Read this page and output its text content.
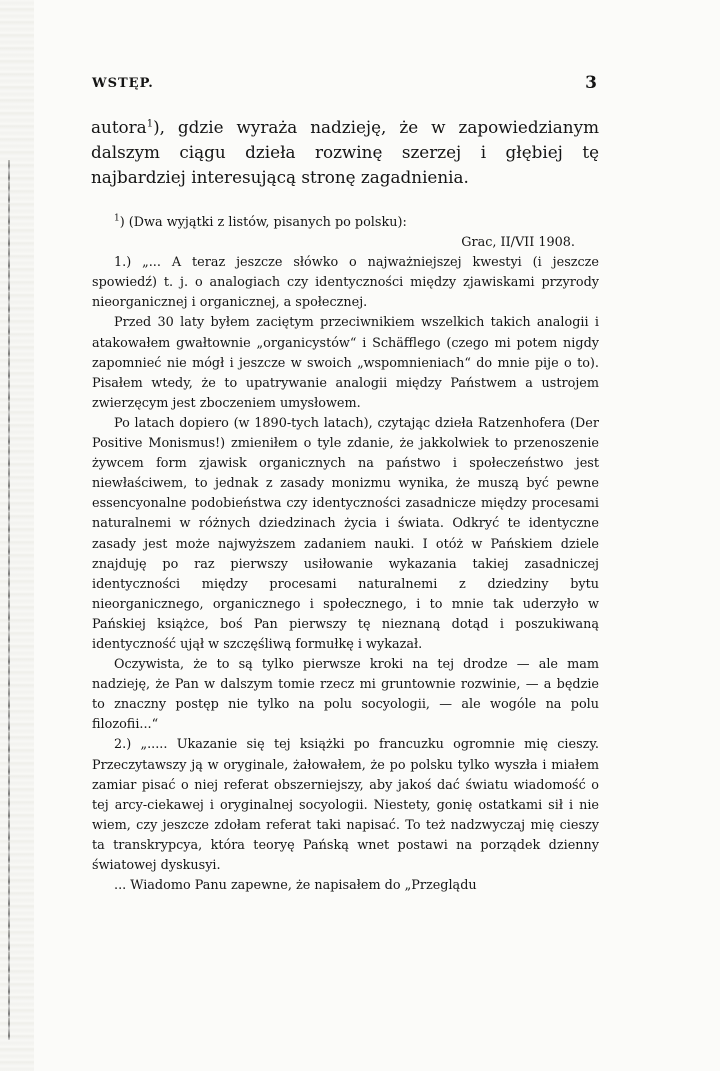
WSTĘP.	3

autora$^1$), gdzie wyraża nadzieję, że w zapowiedzianym dalszym ciągu dzieła rozwinę szerzej i głębiej tę najbardziej interesującą stronę zagadnienia.

$^1$) (Dwa wyjątki z listów, pisanych po polsku):

Grac, II/VII 1908.

1.) „... A teraz jeszcze słówko o najważniejszej kwestyi (i jeszcze spowiedź) t. j. o analogiach czy identyczności między zjawiskami przyrody nieorganicznej i organicznej, a społecznej.

Przed 30 laty byłem zaciętym przeciwnikiem wszelkich takich analogii i atakowałem gwałtownie „organicystów“ i Schäfflego (czego mi potem nigdy zapomnieć nie mógł i jeszcze w swoich „wspomnieniach“ do mnie pije o to). Pisałem wtedy, że to upatrywanie analogii między Państwem a ustrojem zwierzęcym jest zboczeniem umysłowem.

Po latach dopiero (w 1890-tych latach), czytając dzieła Ratzenhofera (Der Positive Monismus!) zmieniłem o tyle zdanie, że jakkolwiek to przenoszenie żywcem form zjawisk organicznych na państwo i społeczeństwo jest niewłaściwem, to jednak z zasady monizmu wynika, że muszą być pewne essencyonalne podobieństwa czy identyczności zasadnicze między procesami naturalnemi w różnych dziedzinach życia i świata. Odkryć te identyczne zasady jest może najwyższem zadaniem nauki. I otóż w Pańskiem dziele znajduję po raz pierwszy usiłowanie wykazania takiej zasadniczej identyczności między procesami naturalnemi z dziedziny bytu nieorganicznego, organicznego i społecznego, i to mnie tak uderzyło w Pańskiej książce, boś Pan pierwszy tę nieznaną dotąd i poszukiwaną identyczność ujął w szczęśliwą formułkę i wykazał.

Oczywista, że to są tylko pierwsze kroki na tej drodze — ale mam nadzieję, że Pan w dalszym tomie rzecz mi gruntownie rozwinie, — a będzie to znaczny postęp nie tylko na polu socyologii, — ale wogóle na polu filozofii...“

2.) „..... Ukazanie się tej książki po francuzku ogromnie mię cieszy. Przeczytawszy ją w oryginale, żałowałem, że po polsku tylko wyszła i miałem zamiar pisać o niej referat obszerniejszy, aby jakoś dać światu wiadomość o tej arcy-ciekawej i oryginalnej socyologii. Niestety, gonię ostatkami sił i nie wiem, czy jeszcze zdołam referat taki napisać. To też nadzwyczaj mię cieszy ta transkrypcya, która teoryę Pańską wnet postawi na porządek dzienny światowej dyskusyi.

... Wiadomo Panu zapewne, że napisałem do „Przeglądu
